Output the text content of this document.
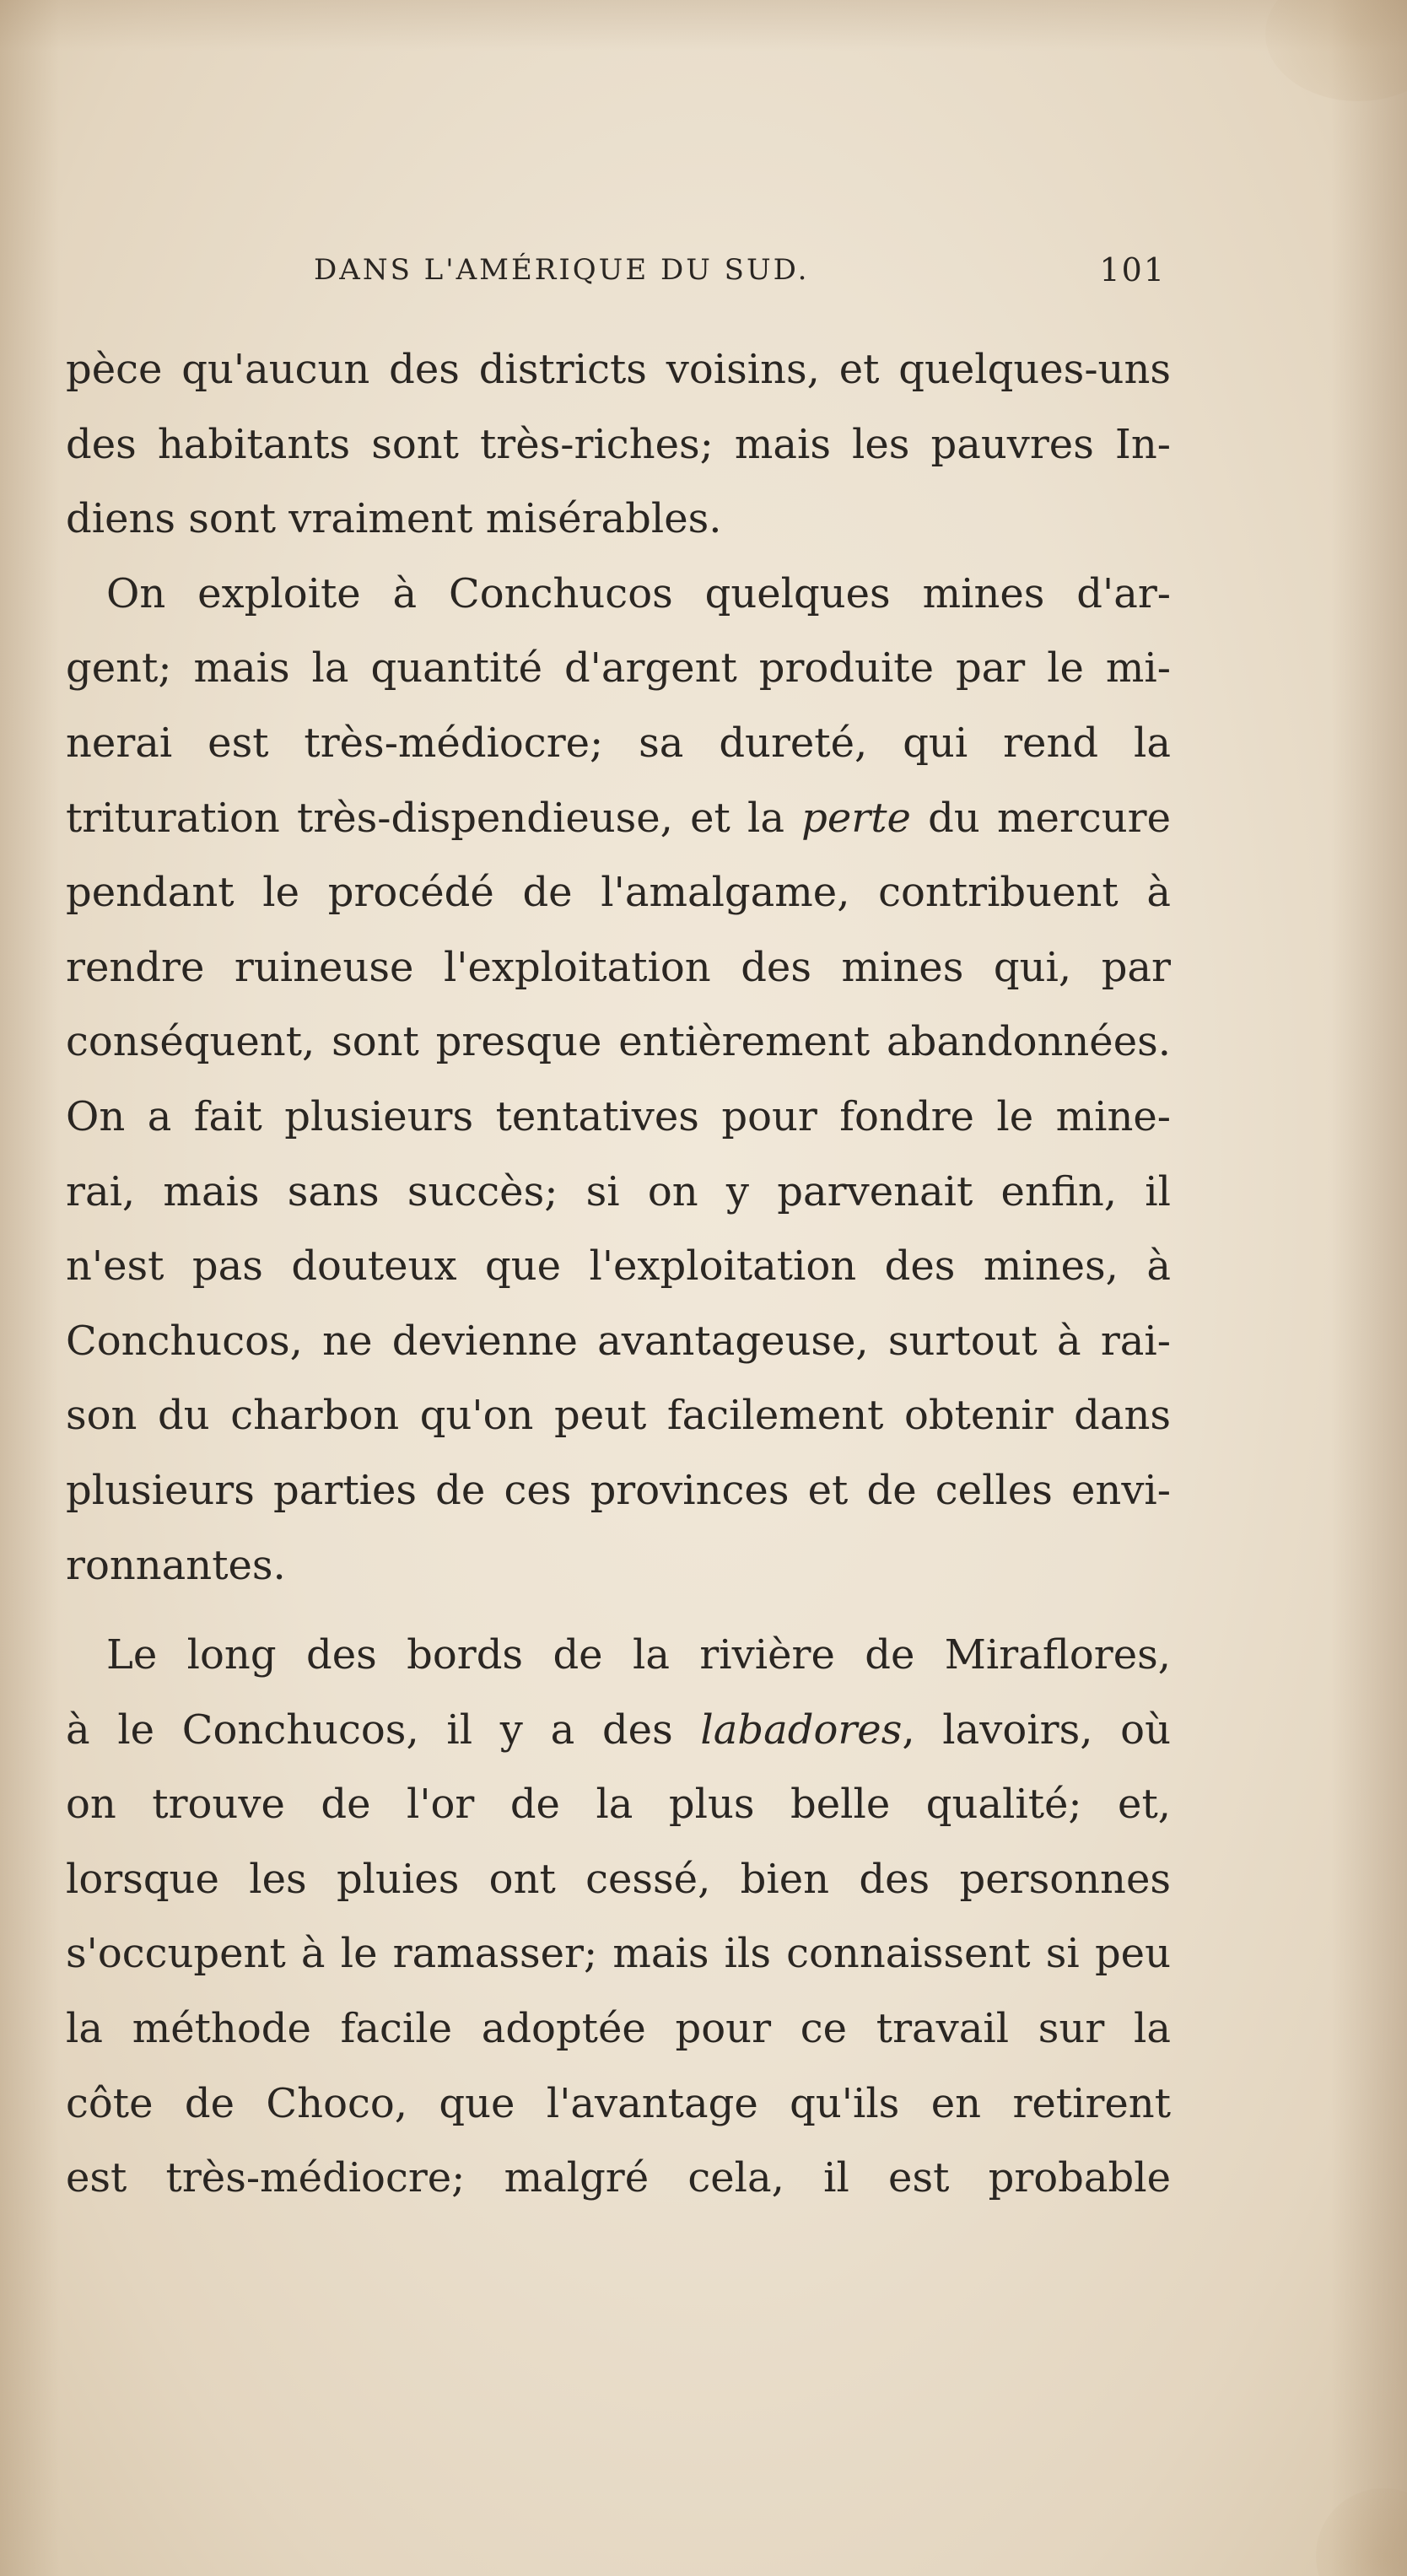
DANS L'AMÉRIQUE DU SUD.	101
pèce qu'aucun des districts voisins, et quelques-uns
des habitants sont très-riches; mais les pauvres In-
diens sont vraiment misérables.
On exploite à Conchucos quelques mines d'ar-
gent; mais la quantité d'argent produite par le mi-
nerai est très-médiocre; sa dureté, qui rend la
trituration très-dispendieuse, et la perte du mercure
pendant le procédé de l'amalgame, contribuent à
rendre ruineuse l'exploitation des mines qui, par
conséquent, sont presque entièrement abandonnées.
On a fait plusieurs tentatives pour fondre le mine-
rai, mais sans succès; si on y parvenait enfin, il
n'est pas douteux que l'exploitation des mines, à
Conchucos, ne devienne avantageuse, surtout à rai-
son du charbon qu'on peut facilement obtenir dans
plusieurs parties de ces provinces et de celles envi-
ronnantes.
Le long des bords de la rivière de Miraflores,
à le Conchucos, il y a des labadores, lavoirs, où
on trouve de l'or de la plus belle qualité; et,
lorsque les pluies ont cessé, bien des personnes
s'occupent à le ramasser; mais ils connaissent si peu
la méthode facile adoptée pour ce travail sur la
côte de Choco, que l'avantage qu'ils en retirent
est très-médiocre; malgré cela, il est probable
